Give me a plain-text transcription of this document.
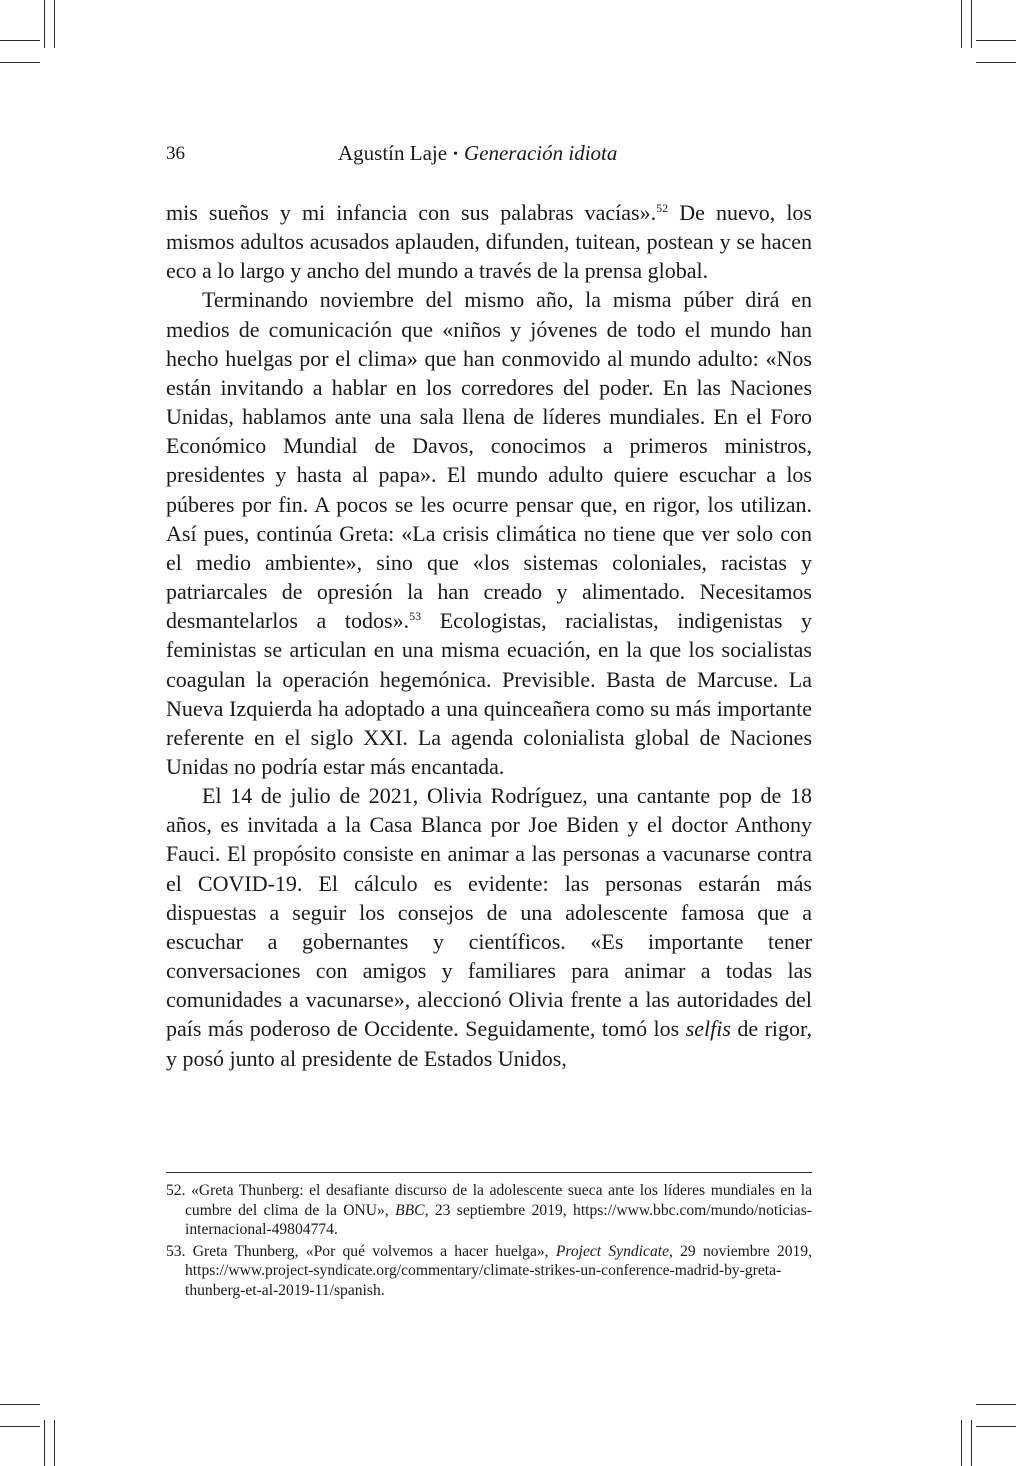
36	Agustín Laje • Generación idiota

mis sueños y mi infancia con sus palabras vacías».$^{52}$ De nuevo, los mismos adultos acusados aplauden, difunden, tuitean, postean y se hacen eco a lo largo y ancho del mundo a través de la prensa global.

Terminando noviembre del mismo año, la misma púber dirá en medios de comunicación que «niños y jóvenes de todo el mundo han hecho huelgas por el clima» que han conmovido al mundo adulto: «Nos están invitando a hablar en los corredores del poder. En las Naciones Unidas, hablamos ante una sala llena de líderes mundiales. En el Foro Económico Mundial de Davos, conocimos a primeros ministros, presidentes y hasta al papa». El mundo adulto quiere escuchar a los púberes por fin. A pocos se les ocurre pensar que, en rigor, los utilizan. Así pues, continúa Greta: «La crisis climática no tiene que ver solo con el medio ambiente», sino que «los sistemas coloniales, racistas y patriarcales de opresión la han creado y alimentado. Necesitamos desmantelarlos a todos».$^{53}$ Ecologistas, racialistas, indigenistas y feministas se articulan en una misma ecuación, en la que los socialistas coagulan la operación hegemónica. Previsible. Basta de Marcuse. La Nueva Izquierda ha adoptado a una quinceañera como su más importante referente en el siglo XXI. La agenda colonialista global de Naciones Unidas no podría estar más encantada.

El 14 de julio de 2021, Olivia Rodríguez, una cantante pop de 18 años, es invitada a la Casa Blanca por Joe Biden y el doctor Anthony Fauci. El propósito consiste en animar a las personas a vacunarse contra el COVID-19. El cálculo es evidente: las personas estarán más dispuestas a seguir los consejos de una adolescente famosa que a escuchar a gobernantes y científicos. «Es importante tener conversaciones con amigos y familiares para animar a todas las comunidades a vacunarse», aleccionó Olivia frente a las autoridades del país más poderoso de Occidente. Seguidamente, tomó los selfis de rigor, y posó junto al presidente de Estados Unidos,

52. «Greta Thunberg: el desafiante discurso de la adolescente sueca ante los líderes mundiales en la cumbre del clima de la ONU», BBC, 23 septiembre 2019, https://www.bbc.com/mundo/noticias-internacional-49804774.

53. Greta Thunberg, «Por qué volvemos a hacer huelga», Project Syndicate, 29 noviembre 2019, https://www.project-syndicate.org/commentary/climate-strikes-un-conference-madrid-by-greta-thunberg-et-al-2019-11/spanish.
